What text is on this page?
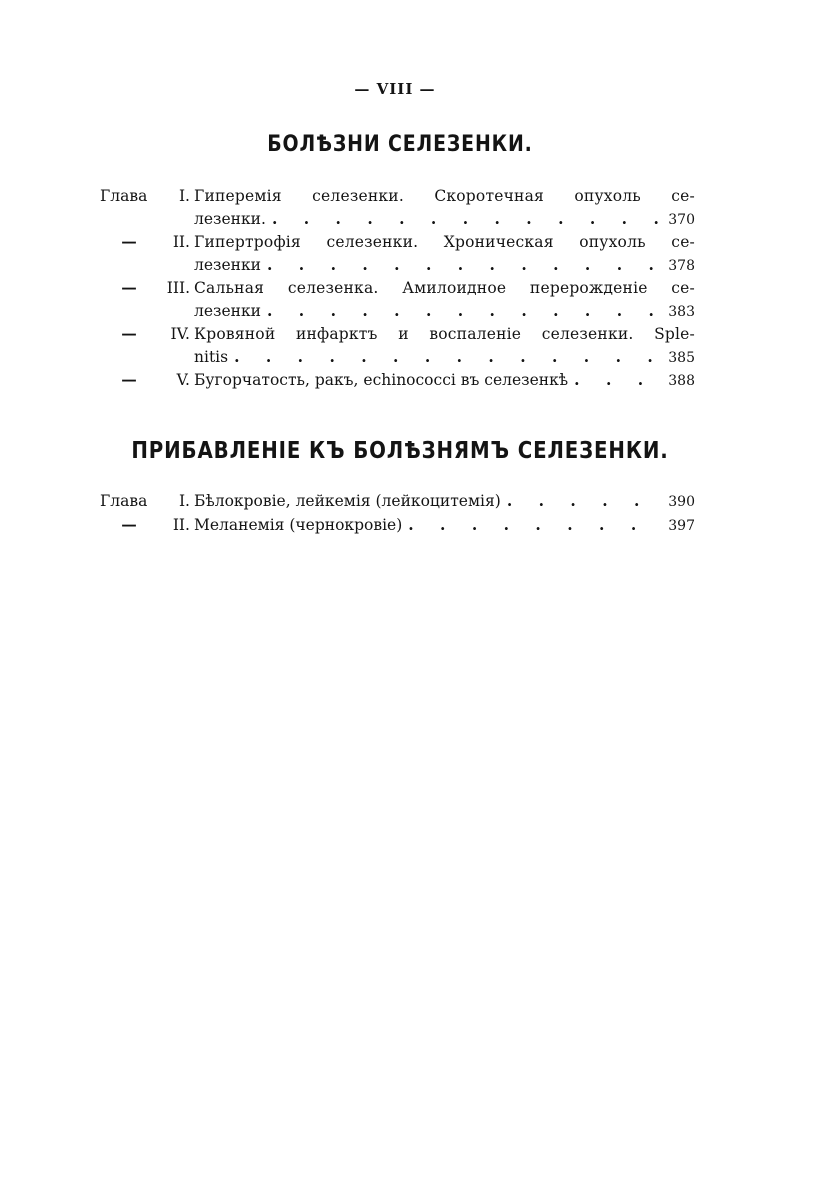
— VIII —
БОЛѢЗНИ СЕЛЕЗЕНКИ.
Глава	I. Гиперемія селезенки. Скоротечная опухоль се-
лезенки. . . .	370
—	II. Гипертрофія селезенки. Хроническая опухоль се-
лезенки . . .	378
—	III. Сальная селезенка. Амилоидное перерожденіе се-
лезенки . . .	383
—	IV. Кровяной инфарктъ и воспаленіе селезенки. Sple-
nitis . . .	385
—	V. Бугорчатость, ракъ, echinococci въ селезенкѣ . . .	388
ПРИБАВЛЕНІЕ КЪ БОЛѢЗНЯМЪ СЕЛЕЗЕНКИ.
Глава	I. Бѣлокровіе, лейкемія (лейкоцитемія) . . .	390
—	II. Меланемія (чернокровіе) . . .	397
